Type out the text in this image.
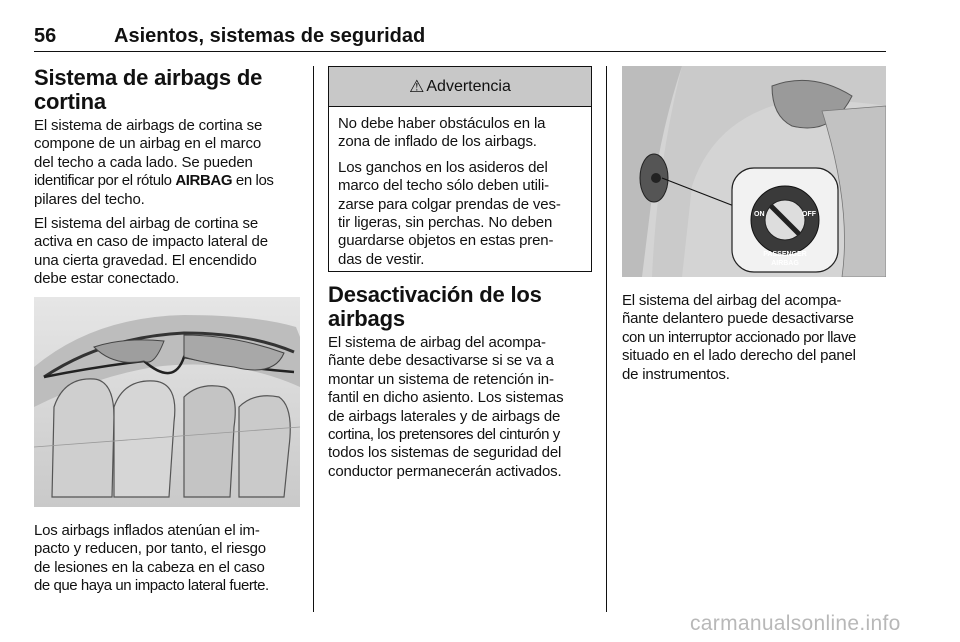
56	Asientos, sistemas de seguridad
Sistema de airbags de
cortina
El sistema de airbags de cortina se
compone de un airbag en el marco
del techo a cada lado. Se pueden
identificar por el rótulo AIRBAG en los
pilares del techo.
El sistema del airbag de cortina se
activa en caso de impacto lateral de
una cierta gravedad. El encendido
debe estar conectado.
Los airbags inflados atenúan el im-
pacto y reducen, por tanto, el riesgo
de lesiones en la cabeza en el caso
de que haya un impacto lateral fuerte.
⚠ Advertencia
No debe haber obstáculos en la
zona de inflado de los airbags.
Los ganchos en los asideros del
marco del techo sólo deben utili-
zarse para colgar prendas de ves-
tir ligeras, sin perchas. No deben
guardarse objetos en estas pren-
das de vestir.
Desactivación de los
airbags
El sistema de airbag del acompa-
ñante debe desactivarse si se va a
montar un sistema de retención in-
fantil en dicho asiento. Los sistemas
de airbags laterales y de airbags de
cortina, los pretensores del cinturón y
todos los sistemas de seguridad del
conductor permanecerán activados.
ON	OFF
PASSENGER
AIRBAG
El sistema del airbag del acompa-
ñante delantero puede desactivarse
con un interruptor accionado por llave
situado en el lado derecho del panel
de instrumentos.
carmanualsonline.info
